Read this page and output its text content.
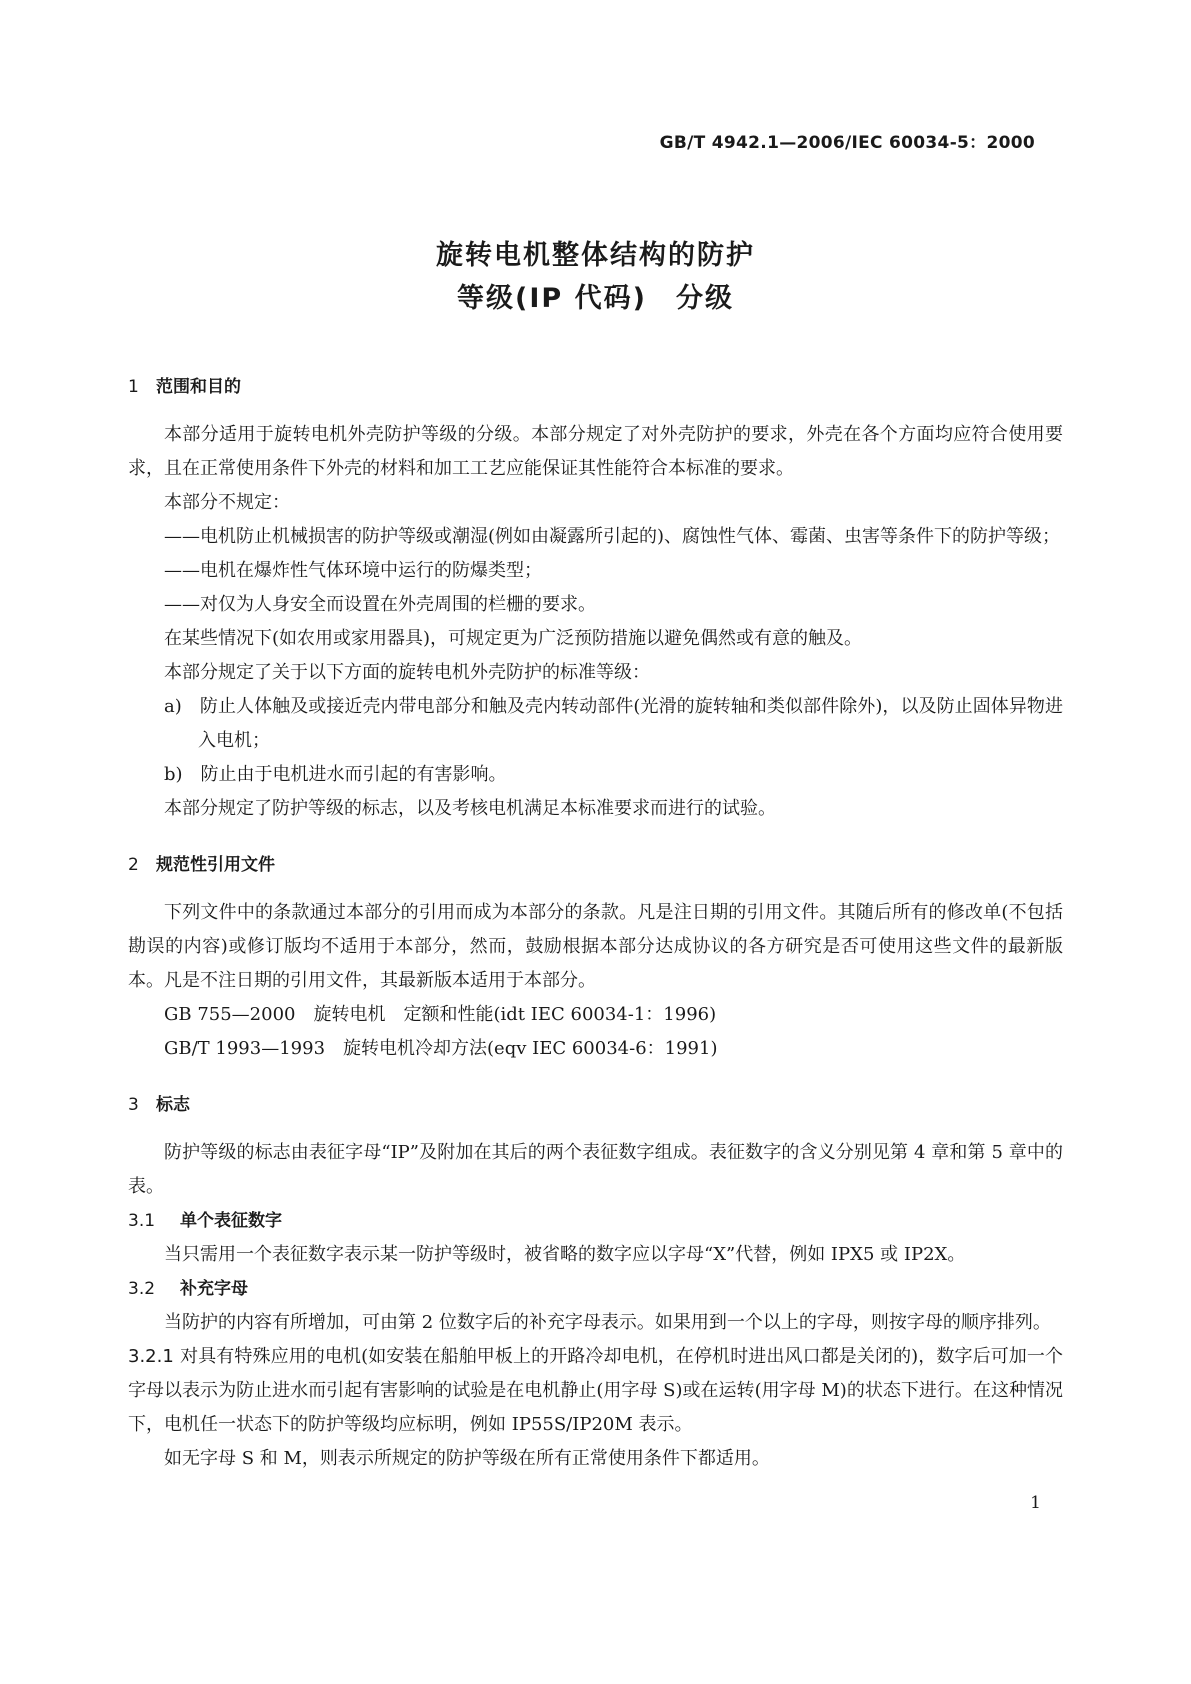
GB/T 4942.1—2006/IEC 60034-5：2000
旋转电机整体结构的防护
等级(IP 代码)　分级
1 范围和目的
本部分适用于旋转电机外壳防护等级的分级。本部分规定了对外壳防护的要求，外壳在各个方面均应符合使用要求，且在正常使用条件下外壳的材料和加工工艺应能保证其性能符合本标准的要求。
本部分不规定：
——电机防止机械损害的防护等级或潮湿(例如由凝露所引起的)、腐蚀性气体、霉菌、虫害等条件下的防护等级；
——电机在爆炸性气体环境中运行的防爆类型；
——对仅为人身安全而设置在外壳周围的栏栅的要求。
在某些情况下(如农用或家用器具)，可规定更为广泛预防措施以避免偶然或有意的触及。
本部分规定了关于以下方面的旋转电机外壳防护的标准等级：
a)　防止人体触及或接近壳内带电部分和触及壳内转动部件(光滑的旋转轴和类似部件除外)，以及防止固体异物进入电机；
b)　防止由于电机进水而引起的有害影响。
本部分规定了防护等级的标志，以及考核电机满足本标准要求而进行的试验。
2 规范性引用文件
下列文件中的条款通过本部分的引用而成为本部分的条款。凡是注日期的引用文件。其随后所有的修改单(不包括勘误的内容)或修订版均不适用于本部分，然而，鼓励根据本部分达成协议的各方研究是否可使用这些文件的最新版本。凡是不注日期的引用文件，其最新版本适用于本部分。
GB 755—2000　旋转电机　定额和性能(idt IEC 60034-1：1996)
GB/T 1993—1993　旋转电机冷却方法(eqv IEC 60034-6：1991)
3 标志
防护等级的标志由表征字母“IP”及附加在其后的两个表征数字组成。表征数字的含义分别见第 4 章和第 5 章中的表。
3.1 单个表征数字
当只需用一个表征数字表示某一防护等级时，被省略的数字应以字母“X”代替，例如 IPX5 或 IP2X。
3.2 补充字母
当防护的内容有所增加，可由第 2 位数字后的补充字母表示。如果用到一个以上的字母，则按字母的顺序排列。
3.2.1 对具有特殊应用的电机(如安装在船舶甲板上的开路冷却电机，在停机时进出风口都是关闭的)，数字后可加一个字母以表示为防止进水而引起有害影响的试验是在电机静止(用字母 S)或在运转(用字母 M)的状态下进行。在这种情况下，电机任一状态下的防护等级均应标明，例如 IP55S/IP20M 表示。
如无字母 S 和 M，则表示所规定的防护等级在所有正常使用条件下都适用。
1
